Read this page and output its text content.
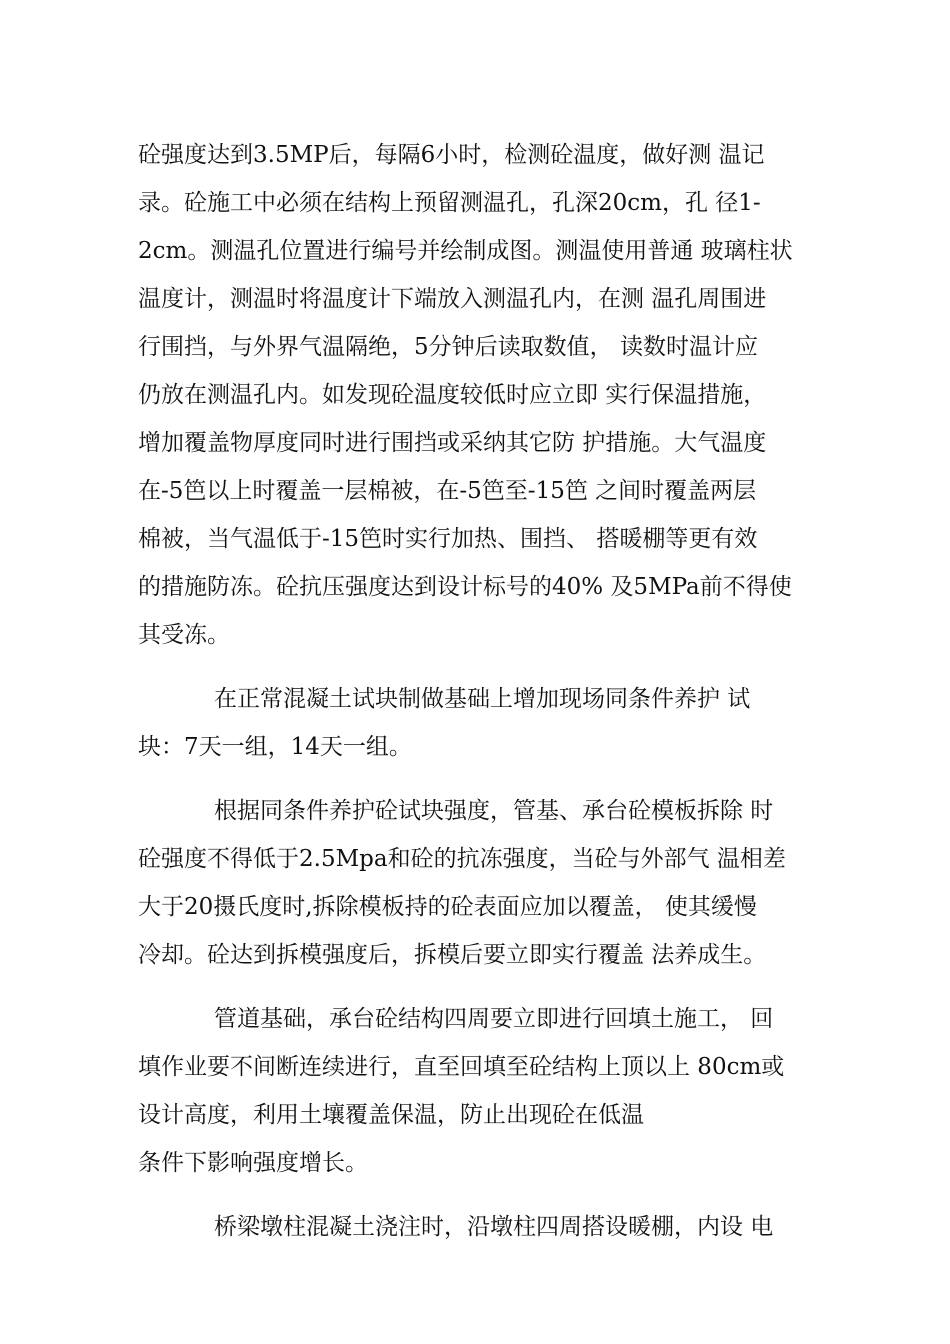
砼强度达到3.5MP后，每隔6小时，检测砼温度，做好测 温记
录。砼施工中必须在结构上预留测温孔，孔深20cm，孔 径1-
2cm。测温孔位置进行编号并绘制成图。测温使用普通 玻璃柱状
温度计，测温时将温度计下端放入测温孔内，在测 温孔周围进
行围挡，与外界气温隔绝，5分钟后读取数值， 读数时温计应
仍放在测温孔内。如发现砼温度较低时应立即 实行保温措施，
增加覆盖物厚度同时进行围挡或采纳其它防 护措施。大气温度
在-5笆以上时覆盖一层棉被，在-5笆至-15笆 之间时覆盖两层
棉被，当气温低于-15笆时实行加热、围挡、 搭暖棚等更有效
的措施防冻。砼抗压强度达到设计标号的40% 及5MPa前不得使
其受冻。
在正常混凝土试块制做基础上增加现场同条件养护 试
块：7天一组，14天一组。
根据同条件养护砼试块强度，管基、承台砼模板拆除 时
砼强度不得低于2.5Mpa和砼的抗冻强度，当砼与外部气 温相差
大于20摄氏度时,拆除模板持的砼表面应加以覆盖， 使其缓慢
冷却。砼达到拆模强度后，拆模后要立即实行覆盖 法养成生。
管道基础，承台砼结构四周要立即进行回填土施工， 回
填作业要不间断连续进行，直至回填至砼结构上顶以上 80cm或
设计高度，利用土壤覆盖保温，防止出现砼在低温
条件下影响强度增长。
桥梁墩柱混凝土浇注时，沿墩柱四周搭设暖棚，内设 电
